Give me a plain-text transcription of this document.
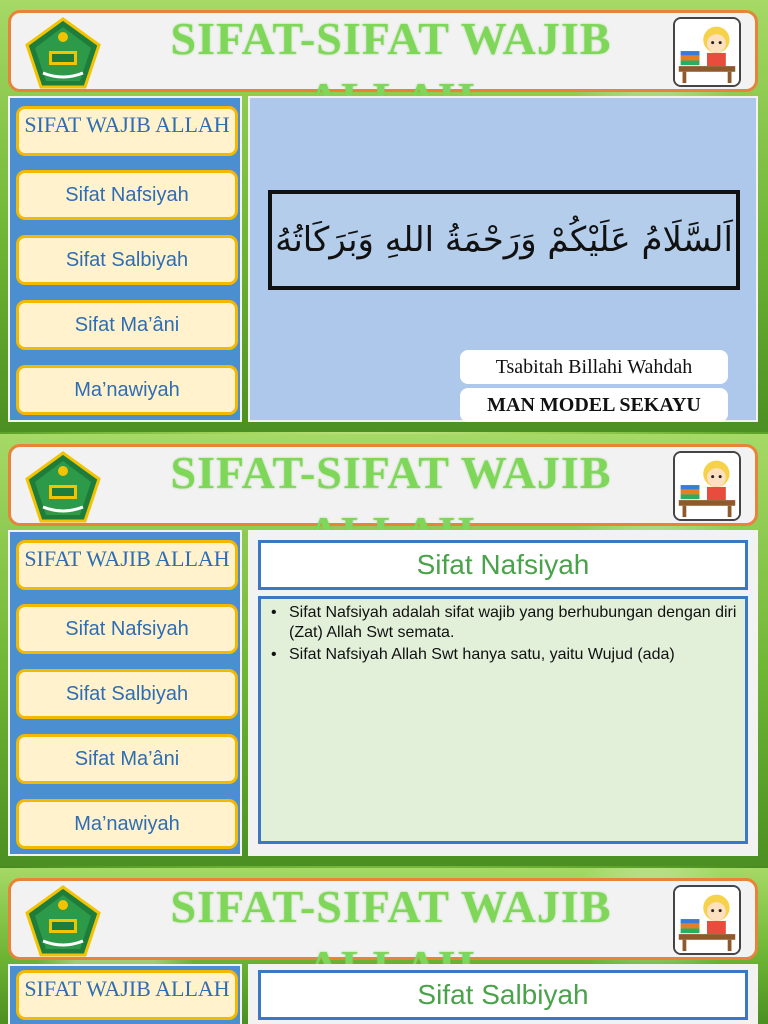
SIFAT-SIFAT WAJIB
SIFAT WAJIB ALLAH
Sifat Nafsiyah
Sifat Salbiyah
Sifat Ma’âni
Ma’nawiyah
اَلسَّلَامُ عَلَيْكُمْ وَرَحْمَةُ اللهِ وَبَرَكَاتُهُ
Tsabitah Billahi Wahdah
MAN MODEL SEKAYU
SIFAT-SIFAT WAJIB
SIFAT WAJIB ALLAH
Sifat Nafsiyah
Sifat Salbiyah
Sifat Ma’âni
Ma’nawiyah
Sifat Nafsiyah
• Sifat Nafsiyah adalah sifat wajib yang berhubungan dengan diri (Zat) Allah Swt semata.
• Sifat Nafsiyah Allah Swt hanya satu, yaitu Wujud (ada)
SIFAT-SIFAT WAJIB
SIFAT WAJIB ALLAH	Sifat Salbiyah
